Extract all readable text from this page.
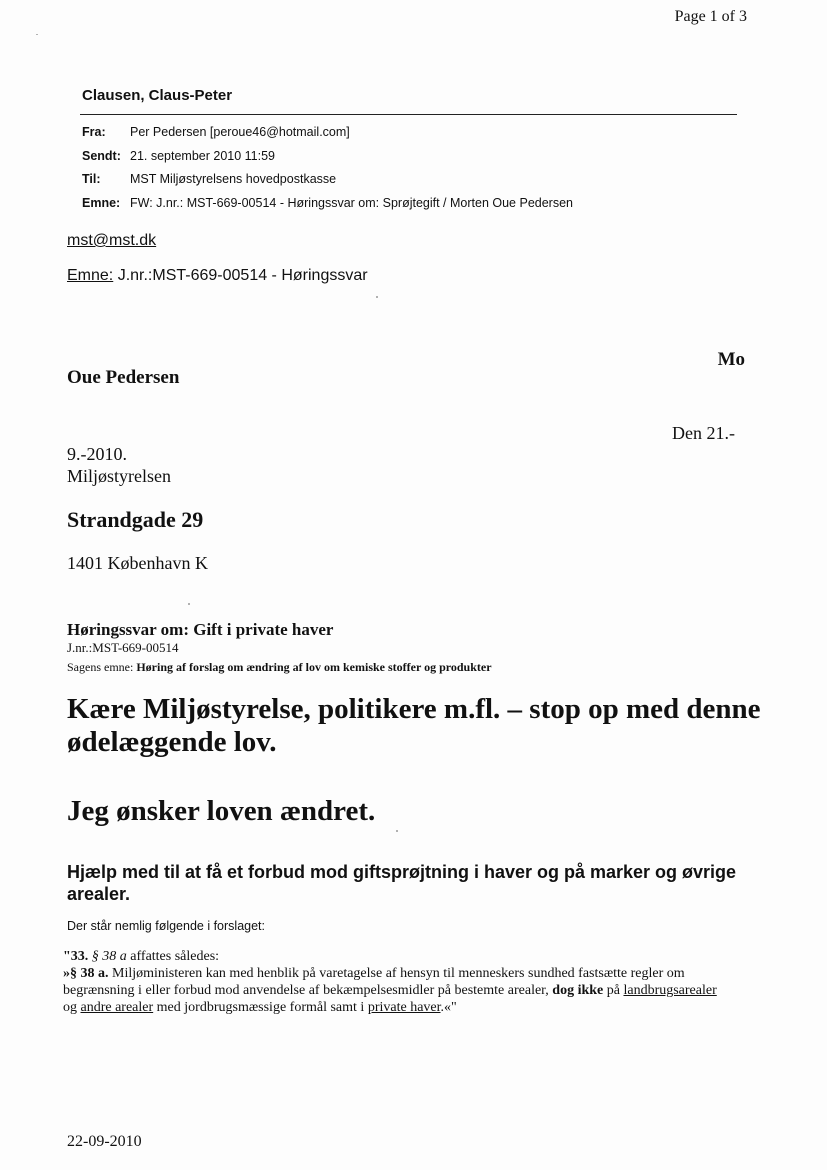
Page 1 of 3
Clausen, Claus-Peter
Fra: Per Pedersen [peroue46@hotmail.com]
Sendt: 21. september 2010 11:59
Til: MST Miljøstyrelsens hovedpostkasse
Emne: FW: J.nr.: MST-669-00514 - Høringssvar om: Sprøjtegift / Morten Oue Pedersen
mst@mst.dk
Emne: J.nr.:MST-669-00514 - Høringssvar
Mo
Oue Pedersen
Den 21.-
9.-2010.
Miljøstyrelsen
Strandgade 29
1401 København K
Høringssvar om: Gift i private haver
J.nr.:MST-669-00514
Sagens emne: Høring af forslag om ændring af lov om kemiske stoffer og produkter
Kære Miljøstyrelse, politikere m.fl. – stop op med denne ødelæggende lov.
Jeg ønsker loven ændret.
Hjælp med til at få et forbud mod giftsprøjtning i haver og på marker og øvrige arealer.
Der står nemlig følgende i forslaget:
"33. § 38 a affattes således:
»§ 38 a. Miljøministeren kan med henblik på varetagelse af hensyn til menneskers sundhed fastsætte regler om begrænsning i eller forbud mod anvendelse af bekæmpelsesmidler på bestemte arealer, dog ikke på landbrugsarealer og andre arealer med jordbrugsmæssige formål samt i private haver.«"
22-09-2010
